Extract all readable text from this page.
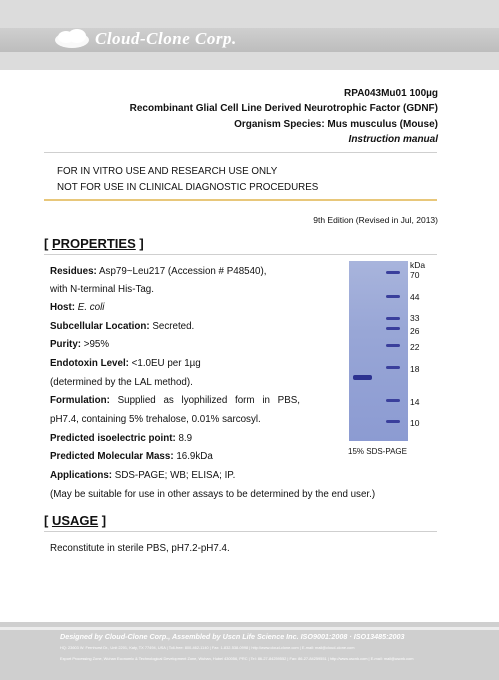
Cloud-Clone Corp.
RPA043Mu01 100µg
Recombinant Glial Cell Line Derived Neurotrophic Factor (GDNF)
Organism Species: Mus musculus (Mouse)
Instruction manual
FOR IN VITRO USE AND RESEARCH USE ONLY
NOT FOR USE IN CLINICAL DIAGNOSTIC PROCEDURES
9th Edition (Revised in Jul, 2013)
[ PROPERTIES ]
Residues: Asp79~Leu217 (Accession # P48540),
with N-terminal His-Tag.
Host: E. coli
Subcellular Location: Secreted.
Purity: >95%
Endotoxin Level: <1.0EU per 1µg
(determined by the LAL method).
Formulation: Supplied as lyophilized form in PBS,
pH7.4, containing 5% trehalose, 0.01% sarcosyl.
Predicted isoelectric point: 8.9
Predicted Molecular Mass: 16.9kDa
Applications: SDS-PAGE; WB; ELISA; IP.
(May be suitable for use in other assays to be determined by the end user.)
kDa
70
44
33
26
22
18
14
10
15% SDS-PAGE
[ USAGE ]
Reconstitute in sterile PBS, pH7.2-pH7.4.
Designed by Cloud-Clone Corp., Assembled by Uscn Life Science Inc. ISO9001:2008 · ISO13485:2003
HQ: 23603 W. Fernhurst Dr., Unit 2201, Katy, TX 77494, USA | Toll-free: 800-462-1140 | Fax: 1-832-538-0998 | http://www.cloud-clone.com | E-mail: mail@cloud-clone.com
Export Processing Zone, Wuhan Economic & Technological Development Zone, Wuhan, Hubei 430056, PRC | Tel: 86-27-84259552 | Fax: 86-27-84259551 | http://www.uscnk.com | E-mail: mail@uscnk.com
